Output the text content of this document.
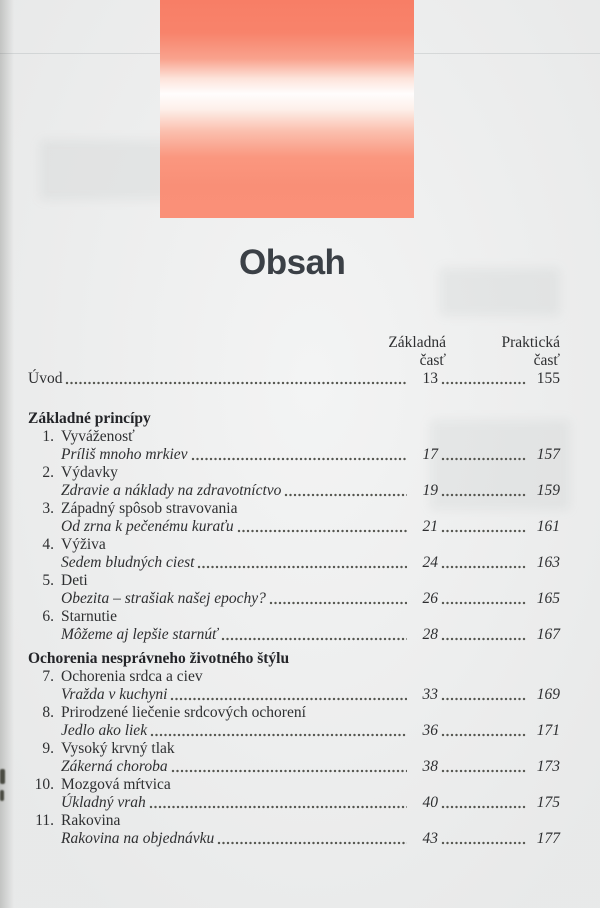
Obsah
Základná časť
Praktická časť
Úvod	13	155
Základné princípy
1. Vyváženosť
Príliš mnoho mrkiev	17	157
2. Výdavky
Zdravie a náklady na zdravotníctvo	19	159
3. Západný spôsob stravovania
Od zrna k pečenému kuraťu	21	161
4. Výživa
Sedem bludných ciest	24	163
5. Deti
Obezita – strašiak našej epochy?	26	165
6. Starnutie
Môžeme aj lepšie starnúť	28	167
Ochorenia nesprávneho životného štýlu
7. Ochorenia srdca a ciev
Vražda v kuchyni	33	169
8. Prirodzené liečenie srdcových ochorení
Jedlo ako liek	36	171
9. Vysoký krvný tlak
Zákerná choroba	38	173
10. Mozgová mŕtvica
Úkladný vrah	40	175
11. Rakovina
Rakovina na objednávku	43	177
